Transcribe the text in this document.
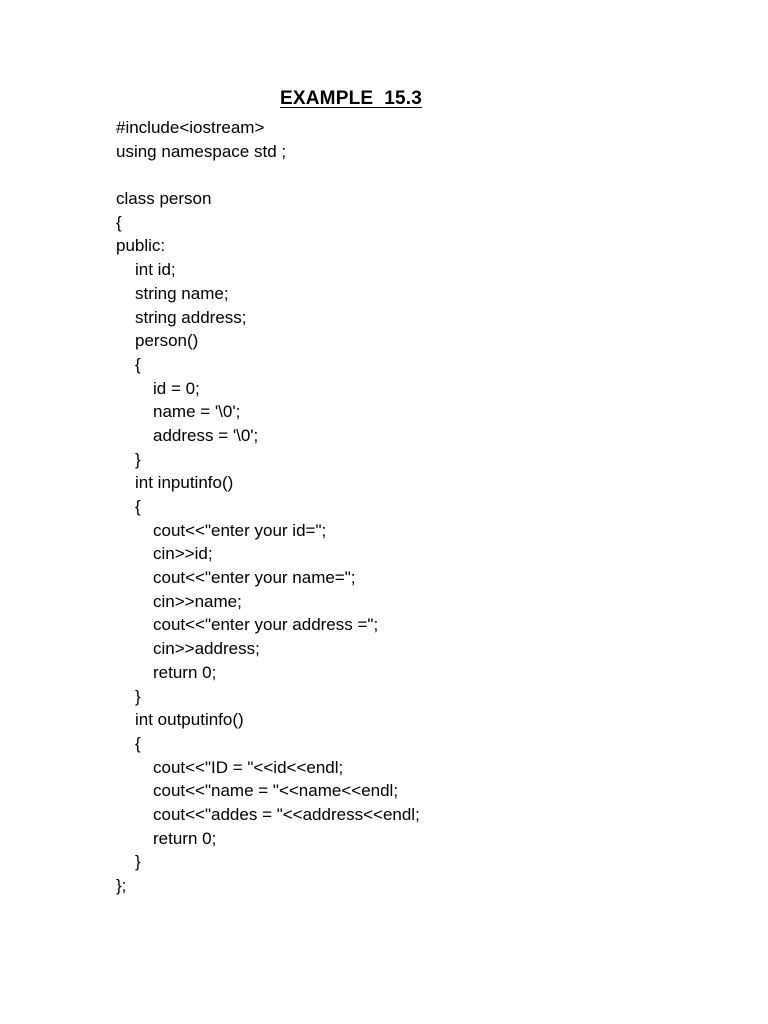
EXAMPLE  15.3
#include<iostream>
using namespace std ;
class person
{
public:
int id;
string name;
string address;
person()
{
id = 0;
name = '\0';
address = '\0';
}
int inputinfo()
{
cout<<"enter your id=";
cin>>id;
cout<<"enter your name=";
cin>>name;
cout<<"enter your address =";
cin>>address;
return 0;
}
int outputinfo()
{
cout<<"ID = "<<id<<endl;
cout<<"name = "<<name<<endl;
cout<<"addes = "<<address<<endl;
return 0;
}
};
